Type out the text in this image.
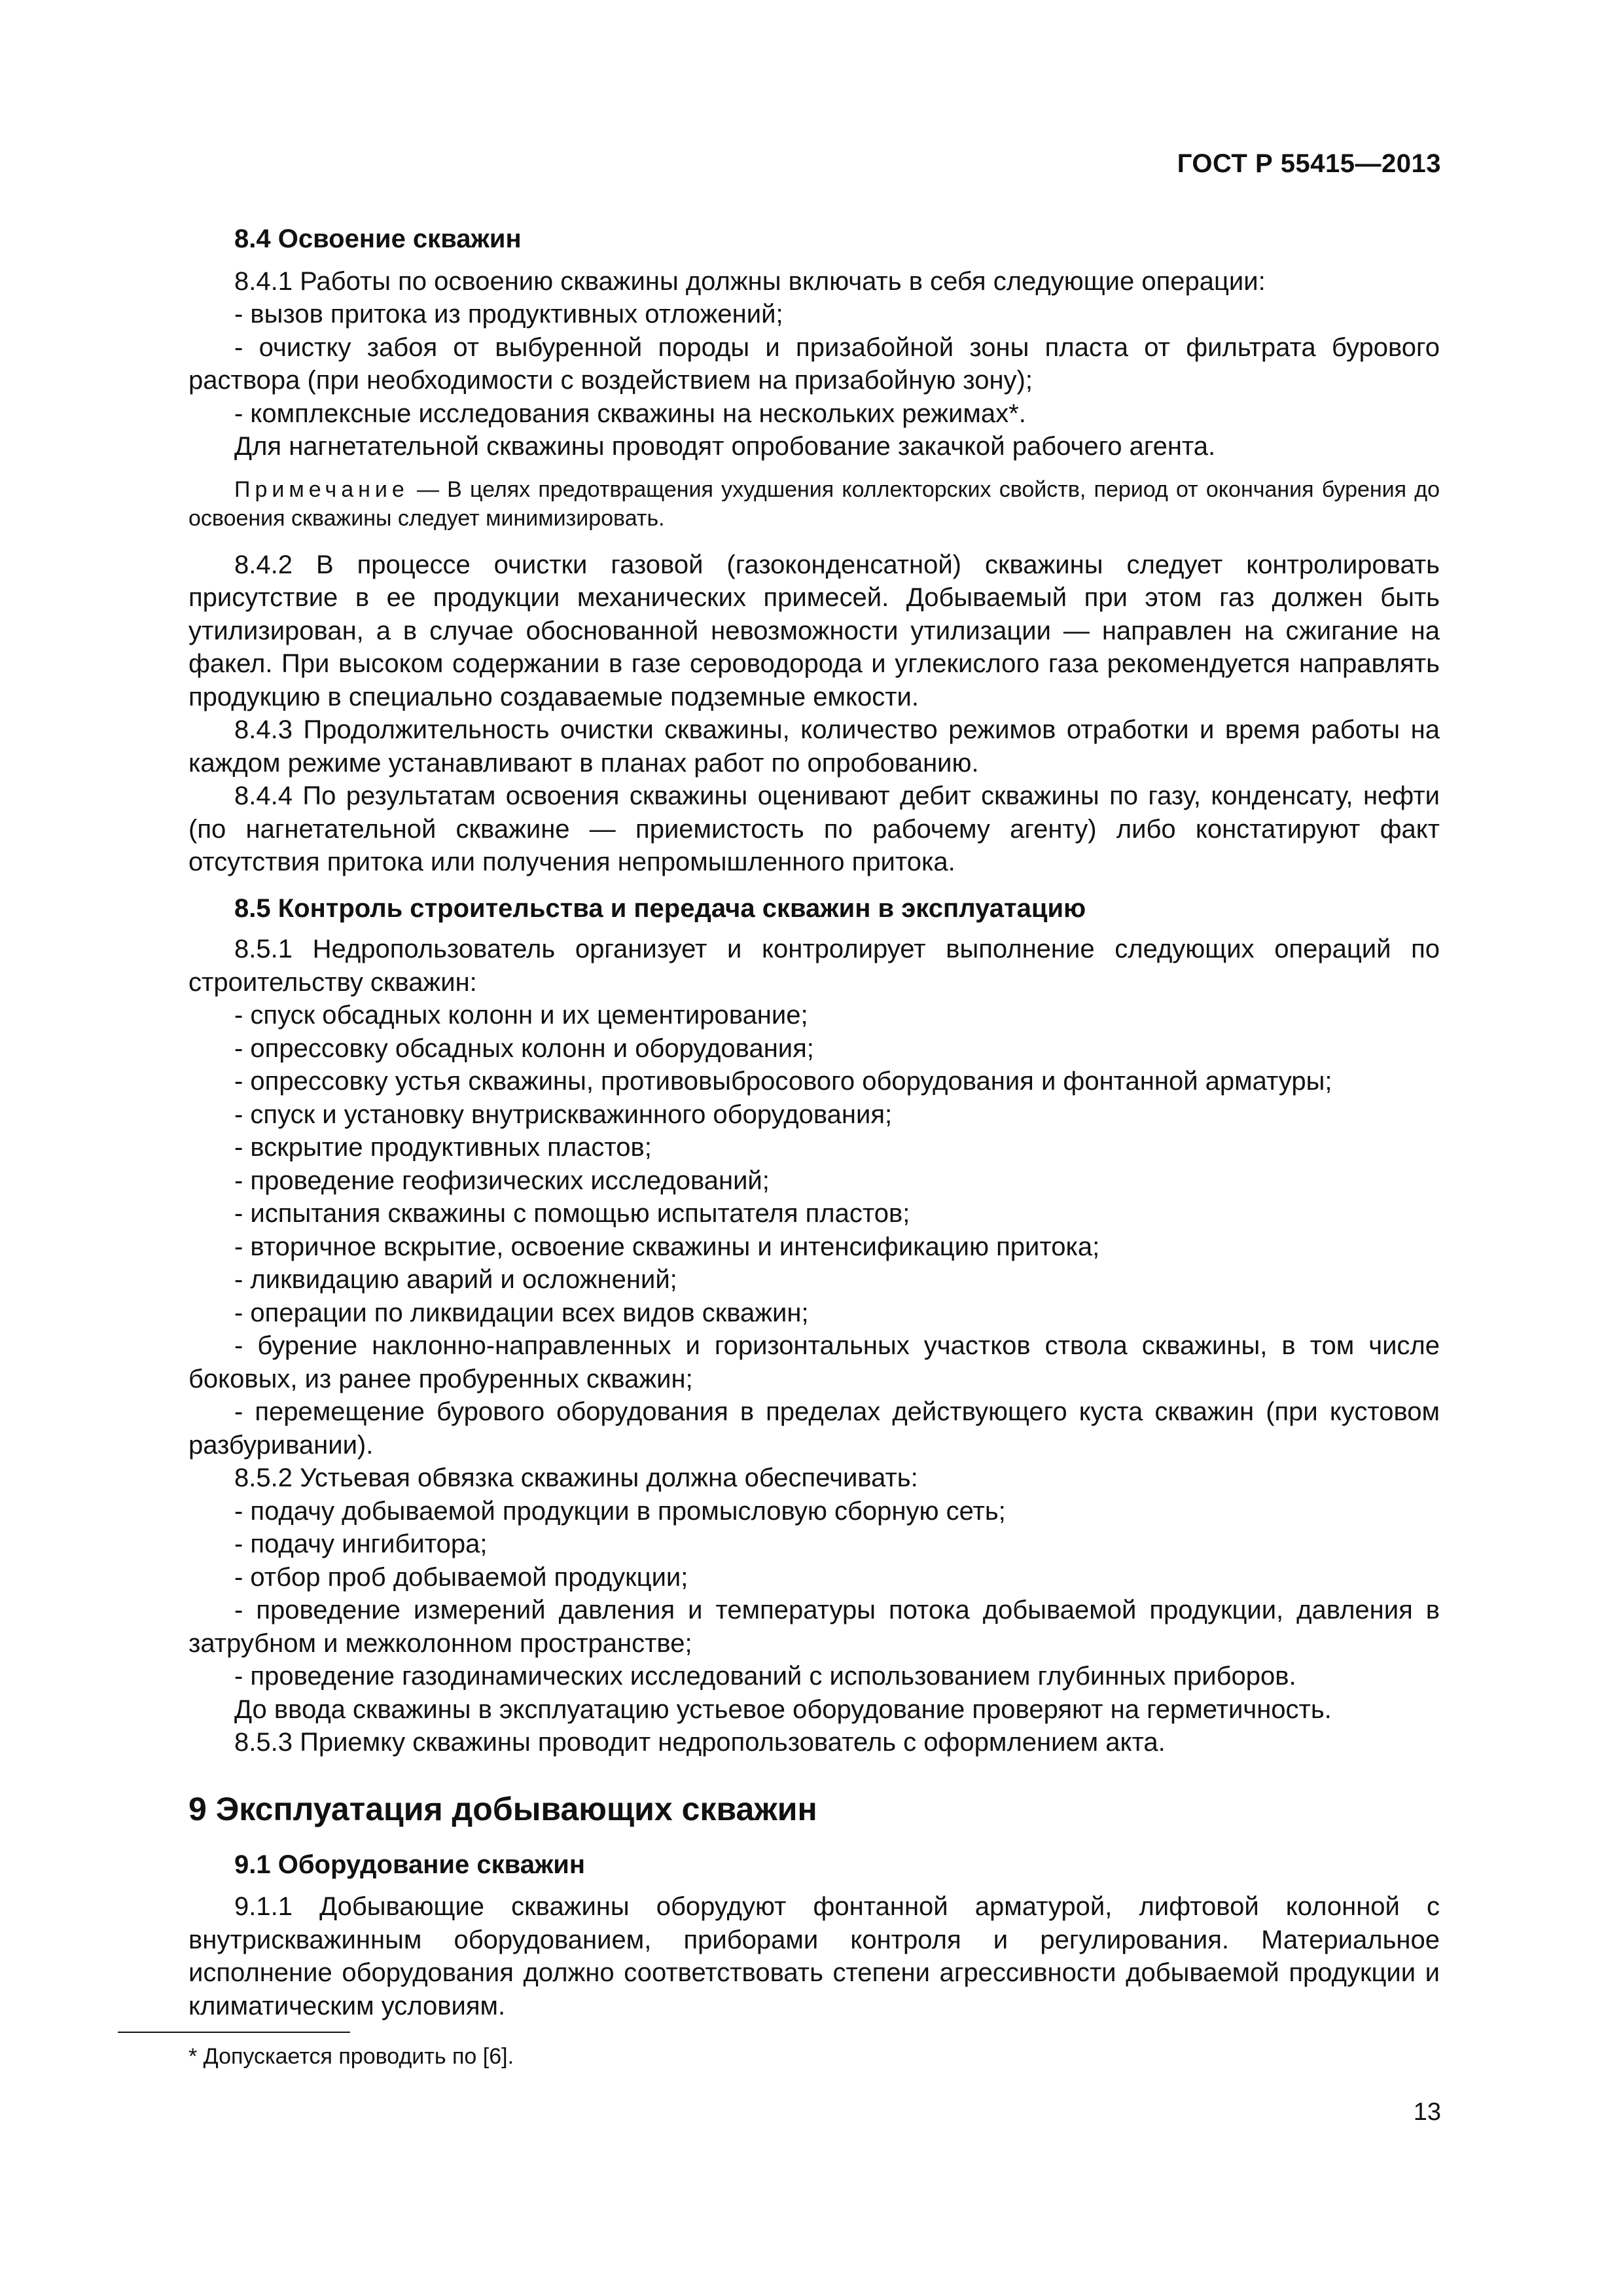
ГОСТ Р 55415—2013
8.4 Освоение скважин

8.4.1 Работы по освоению скважины должны включать в себя следующие операции:

- вызов притока из продуктивных отложений;

- очистку забоя от выбуренной породы и призабойной зоны пласта от фильтрата бурового раствора (при необходимости с воздействием на призабойную зону);

- комплексные исследования скважины на нескольких режимах*.

Для нагнетательной скважины проводят опробование закачкой рабочего агента.

Примечание — В целях предотвращения ухудшения коллекторских свойств, период от окончания бурения до освоения скважины следует минимизировать.

8.4.2 В процессе очистки газовой (газоконденсатной) скважины следует контролировать присутствие в ее продукции механических примесей. Добываемый при этом газ должен быть утилизирован, а в случае обоснованной невозможности утилизации — направлен на сжигание на факел. При высоком содержании в газе сероводорода и углекислого газа рекомендуется направлять продукцию в специально создаваемые подземные емкости.

8.4.3 Продолжительность очистки скважины, количество режимов отработки и время работы на каждом режиме устанавливают в планах работ по опробованию.

8.4.4 По результатам освоения скважины оценивают дебит скважины по газу, конденсату, нефти (по нагнетательной скважине — приемистость по рабочему агенту) либо констатируют факт отсутствия притока или получения непромышленного притока.

8.5 Контроль строительства и передача скважин в эксплуатацию

8.5.1 Недропользователь организует и контролирует выполнение следующих операций по строительству скважин:

- спуск обсадных колонн и их цементирование;

- опрессовку обсадных колонн и оборудования;

- опрессовку устья скважины, противовыбросового оборудования и фонтанной арматуры;

- спуск и установку внутрискважинного оборудования;

- вскрытие продуктивных пластов;

- проведение геофизических исследований;

- испытания скважины с помощью испытателя пластов;

- вторичное вскрытие, освоение скважины и интенсификацию притока;

- ликвидацию аварий и осложнений;

- операции по ликвидации всех видов скважин;

- бурение наклонно-направленных и горизонтальных участков ствола скважины, в том числе боковых, из ранее пробуренных скважин;

- перемещение бурового оборудования в пределах действующего куста скважин (при кустовом разбуривании).

8.5.2 Устьевая обвязка скважины должна обеспечивать:

- подачу добываемой продукции в промысловую сборную сеть;

- подачу ингибитора;

- отбор проб добываемой продукции;

- проведение измерений давления и температуры потока добываемой продукции, давления в затрубном и межколонном пространстве;

- проведение газодинамических исследований с использованием глубинных приборов.

До ввода скважины в эксплуатацию устьевое оборудование проверяют на герметичность.

8.5.3 Приемку скважины проводит недропользователь с оформлением акта.

9 Эксплуатация добывающих скважин
9.1 Оборудование скважин

9.1.1 Добывающие скважины оборудуют фонтанной арматурой, лифтовой колонной с внутрискважинным оборудованием, приборами контроля и регулирования. Материальное исполнение оборудования должно соответствовать степени агрессивности добываемой продукции и климатическим условиям.

* Допускается проводить по [6].
13
